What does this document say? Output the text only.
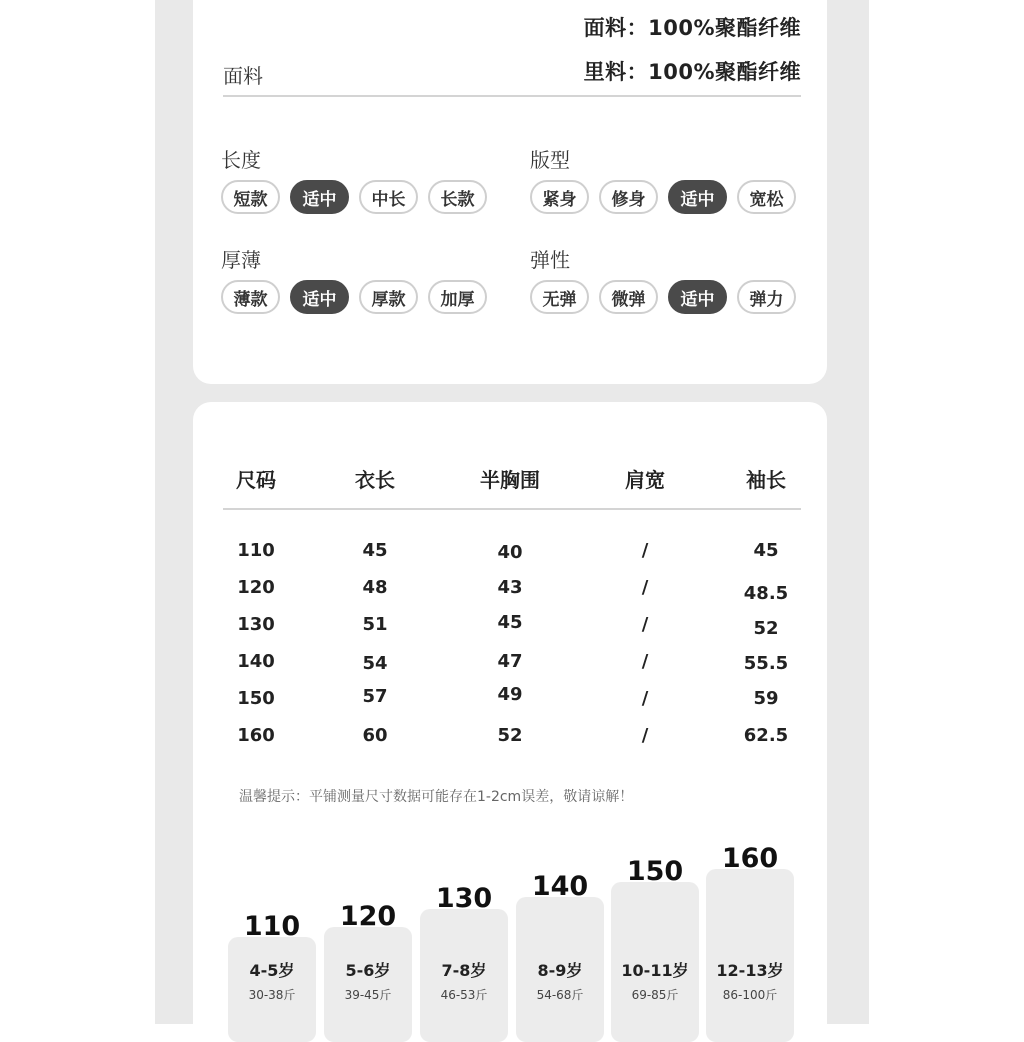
面料：100%聚酯纤维
里料：100%聚酯纤维
面料
长度
短款	适中	中长	长款
版型
紧身	修身	适中	宽松
厚薄
薄款	适中	厚款	加厚
弹性
无弹	微弹	适中	弹力
尺码	衣长	半胸围	肩宽	袖长
110	45	40	/	45
120	48	43	/	48.5
130	51	45	/	52
140	54	47	/	55.5
150	57	49	/	59
160	60	52	/	62.5
温馨提示：平铺测量尺寸数据可能存在1-2cm误差，敬请谅解！
110
4-5岁
30-38斤
120
5-6岁
39-45斤
130
7-8岁
46-53斤
140
8-9岁
54-68斤
150
10-11岁
69-85斤
160
12-13岁
86-100斤
